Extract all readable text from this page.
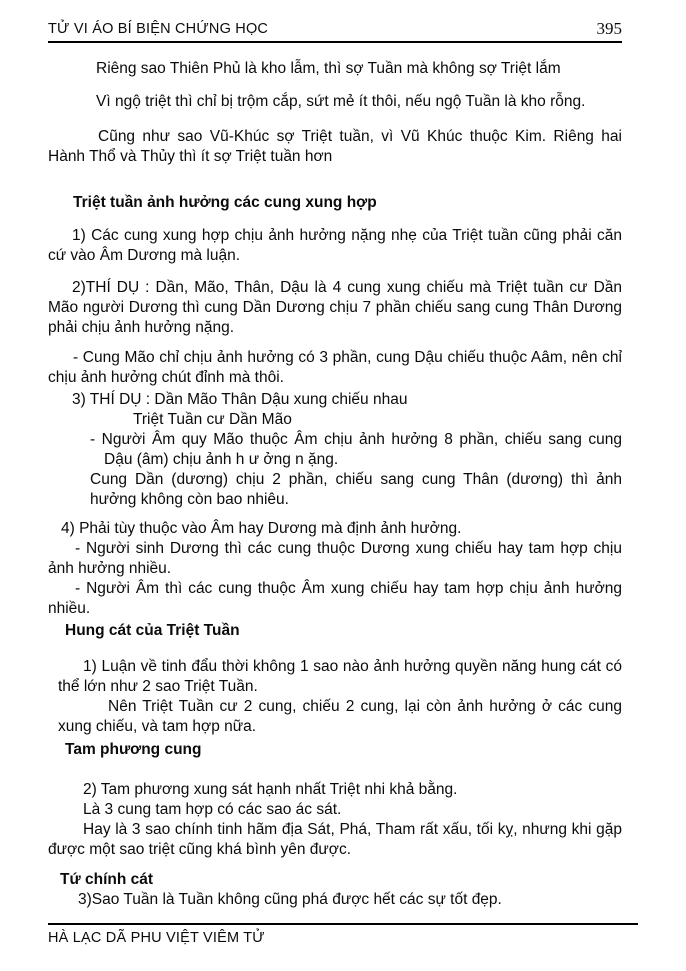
TỬ VI ÁO BÍ BIỆN CHỨNG HỌC	395

Riêng sao Thiên Phủ là kho lẫm, thì sợ Tuần mà không sợ Triệt lắm

Vì ngộ triệt thì chỉ bị trộm cắp, sứt mẻ ít thôi, nếu ngộ Tuần là kho rỗng.

Cũng như sao Vũ-Khúc sợ Triệt tuần, vì Vũ Khúc thuộc Kim. Riêng hai Hành Thổ và Thủy thì ít sợ Triệt tuần hơn

Triệt tuần ảnh hưởng các cung xung hợp

1) Các cung xung hợp chịu ảnh hưởng nặng nhẹ của Triệt tuần cũng phải căn cứ vào Âm Dương mà luận.

2)THÍ DỤ : Dần, Mão, Thân, Dậu là 4 cung xung chiếu mà Triệt tuần cư Dần Mão người Dương thì cung Dần Dương chịu 7 phần chiếu sang cung Thân Dương phải chịu ảnh hưởng nặng.

- Cung Mão chỉ chịu ảnh hưởng có 3 phần, cung Dậu chiếu thuộc Aâm, nên chỉ chịu ảnh hưởng chút đỉnh mà thôi.

3) THÍ DỤ : Dần Mão Thân Dậu xung chiếu nhau

Triệt Tuần cư Dần Mão

- Người Âm quy Mão thuộc Âm chịu ảnh hưởng 8 phần, chiếu sang cung Dậu (âm) chịu ảnh h ư ởng n ặng.

Cung Dần (dương) chịu 2 phần, chiếu sang cung Thân (dương) thì ảnh hưởng không còn bao nhiêu.

4) Phải tùy thuộc vào Âm hay Dương mà định ảnh hưởng.

- Người sinh Dương thì các cung thuộc Dương xung chiếu hay tam hợp chịu ảnh hưởng nhiều.

- Người Âm thì các cung thuộc Âm xung chiếu hay tam hợp chịu ảnh hưởng nhiều.

Hung cát của Triệt Tuần

1) Luận về tinh đẩu thời không 1 sao nào ảnh hưởng quyền năng hung cát có thể lớn như 2 sao Triệt Tuần.

Nên Triệt Tuần cư 2 cung, chiếu 2 cung, lại còn ảnh hưởng ở các cung xung chiếu, và tam hợp nữa.

Tam phương cung

2) Tam phương xung sát hạnh nhất Triệt nhi khả bằng.

Là 3 cung tam hợp có các sao ác sát.

Hay là 3 sao chính tinh hãm địa Sát, Phá, Tham rất xấu, tối kỵ, nhưng khi gặp được một sao triệt cũng khá bình yên được.

Tứ chính cát

3)Sao Tuần là Tuần không cũng phá được hết các sự tốt đẹp.

HÀ LẠC DÃ PHU VIỆT VIÊM TỬ
